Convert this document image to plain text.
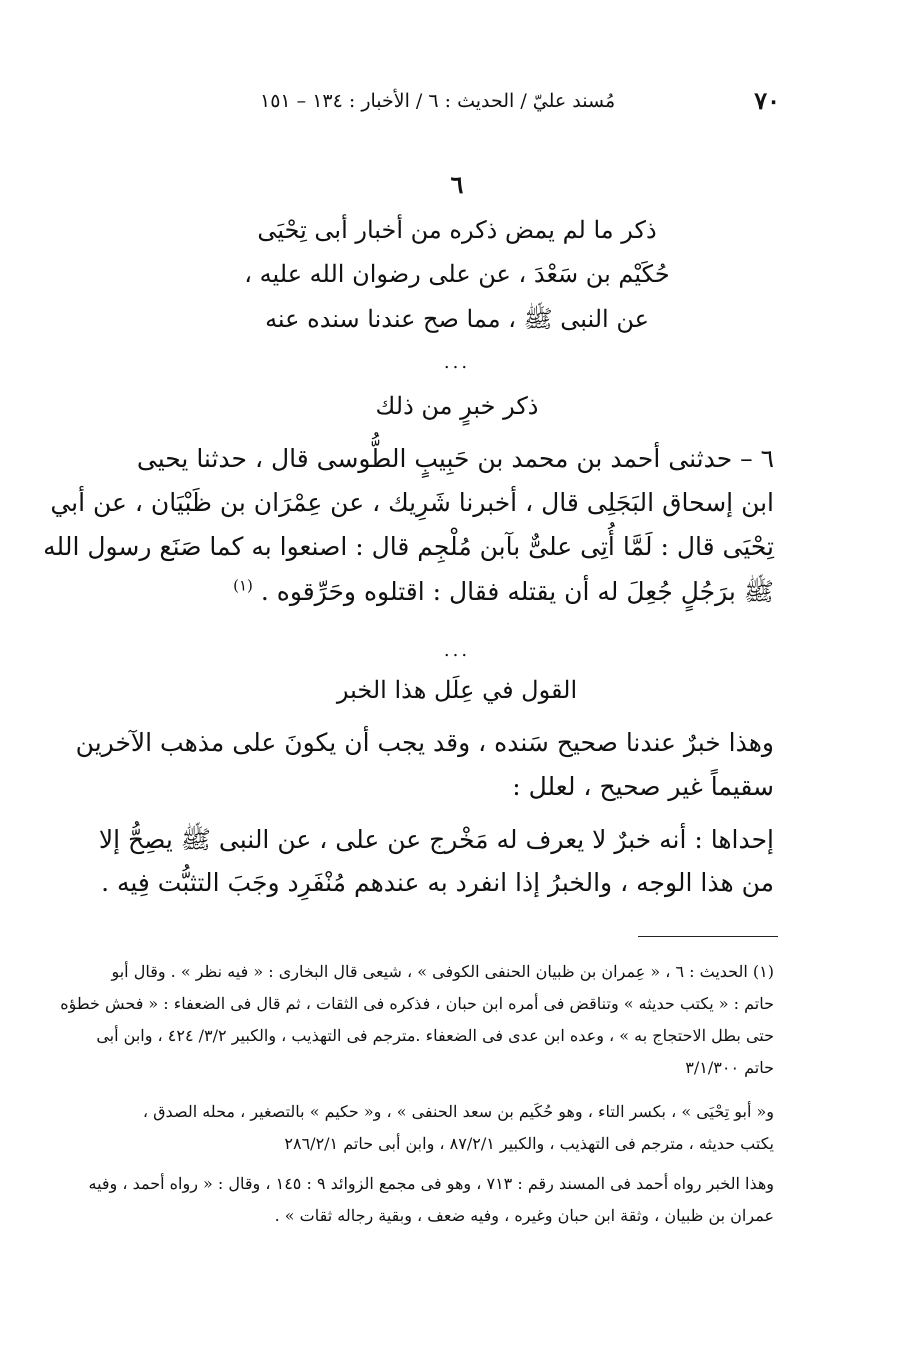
٧٠
مُسند عليّ / الحديث : ٦ / الأخبار : ١٣٤ – ١٥١
٦
ذكر ما لم يمض ذكره من أخبار أبى تِحْيَى
حُكَيْم بن سَعْدَ ، عن على رضوان الله عليه ،
عن النبى ﷺ ، مما صح عندنا سنده عنه
...
ذكر خبرٍ من ذلك
٦ – حدثنى أحمد بن محمد بن حَبِيبٍ الطُّوسى قال ، حدثنا يحيى
ابن إسحاق البَجَلِى قال ، أخبرنا شَرِيك ، عن عِمْرَان بن ظَبْيَان ، عن أبي
تِحْيَى قال : لَمَّا أُتِى علىٌّ بآبن مُلْجِم قال : اصنعوا به كما صَنَع رسول الله
ﷺ برَجُلٍ جُعِلَ له أن يقتله فقال : اقتلوه وحَرِّقوه . $^{(١)}$
...
القول في عِلَل هذا الخبر
وهذا خبرٌ عندنا صحيح سَنده ، وقد يجب أن يكونَ على مذهب الآخرين
سقيماً غير صحيح ، لعلل :
إحداها : أنه خبرٌ لا يعرف له مَخْرج عن على ، عن النبى ﷺ يصِحُّ إلا
من هذا الوجه ، والخبرُ إذا انفرد به عندهم مُنْفَرِد وجَبَ التثبُّت فِيه .
(١) الحديث : ٦ ، « عِمران بن ظبيان الحنفى الكوفى » ، شيعى قال البخارى : « فيه نظر » . وقال أبو
حاتم : « يكتب حديثه » وتناقض فى أمره ابن حبان ، فذكره فى الثقات ، ثم قال فى الضعفاء : « فحش خطؤه
حتى بطل الاحتجاج به » ، وعده ابن عدى فى الضعفاء .مترجم فى التهذيب ، والكبير ٣/٢/ ٤٢٤ ، وابن أبى
حاتم ٣/١/٣٠٠
و« أبو تِحْيَى » ، بكسر التاء ، وهو حُكَيم بن سعد الحنفى » ، و« حكيم » بالتصغير ، محله الصدق ،
يكتب حديثه ، مترجم فى التهذيب ، والكبير ٨٧/٢/١ ، وابن أبى حاتم ٢٨٦/٢/١
وهذا الخبر رواه أحمد فى المسند رقم : ٧١٣ ، وهو فى مجمع الزوائد ٩ : ١٤٥ ، وقال : « رواه أحمد ، وفيه
عمران بن ظبيان ، وثقة ابن حبان وغيره ، وفيه ضعف ، وبقية رجاله ثقات » .
